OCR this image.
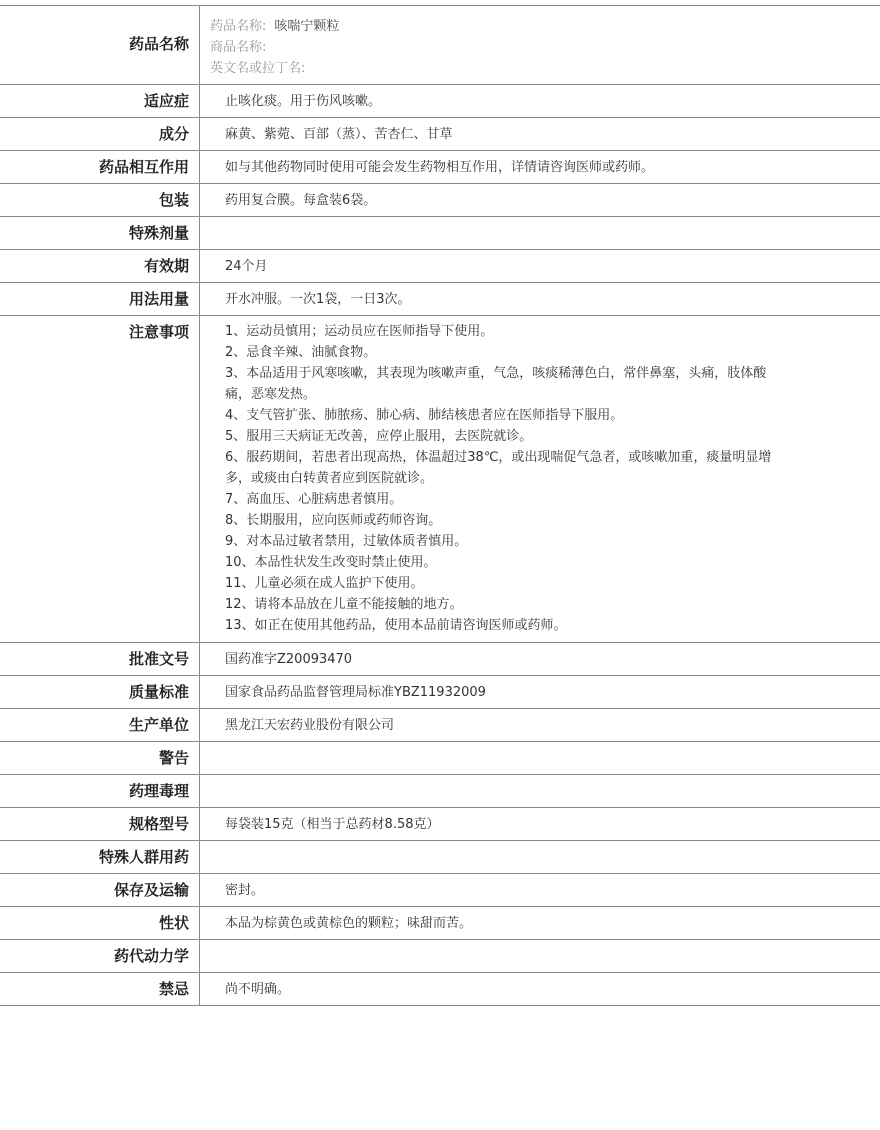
药品名称
药品名称: 咳喘宁颗粒
商品名称:
英文名或拉丁名:
适应症	止咳化痰。用于伤风咳嗽。
成分	麻黄、紫菀、百部（蒸）、苦杏仁、甘草
药品相互作用	如与其他药物同时使用可能会发生药物相互作用，详情请咨询医师或药师。
包装	药用复合膜。每盒装6袋。
特殊剂量
有效期	24个月
用法用量	开水冲服。一次1袋，一日3次。
注意事项	1、运动员慎用；运动员应在医师指导下使用。
2、忌食辛辣、油腻食物。
3、本品适用于风寒咳嗽，其表现为咳嗽声重，气急，咳痰稀薄色白，常伴鼻塞，头痛，肢体酸痛，恶寒发热。
4、支气管扩张、肺脓疡、肺心病、肺结核患者应在医师指导下服用。
5、服用三天病证无改善，应停止服用，去医院就诊。
6、服药期间，若患者出现高热，体温超过38℃，或出现喘促气急者，或咳嗽加重，痰量明显增多，或痰由白转黄者应到医院就诊。
7、高血压、心脏病患者慎用。
8、长期服用，应向医师或药师咨询。
9、对本品过敏者禁用，过敏体质者慎用。
10、本品性状发生改变时禁止使用。
11、儿童必须在成人监护下使用。
12、请将本品放在儿童不能接触的地方。
13、如正在使用其他药品，使用本品前请咨询医师或药师。
批准文号	国药准字Z20093470
质量标准	国家食品药品监督管理局标准YBZ11932009
生产单位	黑龙江天宏药业股份有限公司
警告
药理毒理
规格型号	每袋装15克（相当于总药材8.58克）
特殊人群用药
保存及运输	密封。
性状	本品为棕黄色或黄棕色的颗粒；味甜而苦。
药代动力学
禁忌	尚不明确。
